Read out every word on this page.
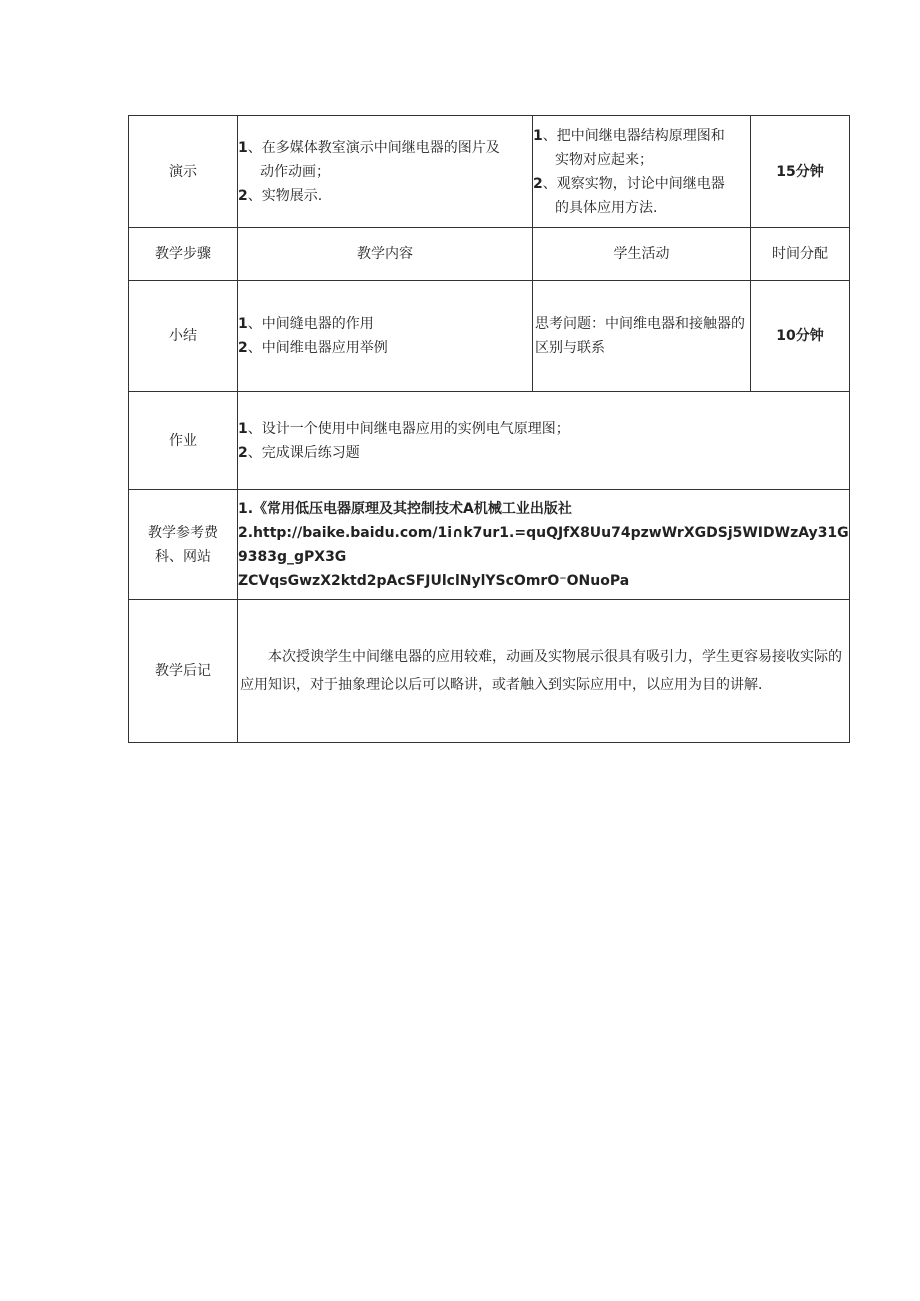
演示	1、在多媒体教室演示中间继电器的图片及
动作动画；
2、实物展示.	1、把中间继电器结构原理图和
实物对应起来；
2、观察实物，讨论中间继电器
的具体应用方法.	15分钟
教学步骤	教学内容	学生活动	时间分配
小结	1、中间缝电器的作用
2、中间维电器应用举例	思考问题：中间维电器和接触器的区别与联系	10分钟
作业	1、设计一个使用中间继电器应用的实例电气原理图；
2、完成课后练习题		

教学参考费
科、网站	1.《常用低压电器原理及其控制技术A机械工业出版社
2.http://baike.baidu.com/1i∩k7ur1.=quQJfX8Uu74pzwWrXGDSj5WIDWzAy31G9383g_gPX3G
ZCVqsGwzX2ktd2pAcSFJUlclNylYScOmrO⁻ONuoPa		

教学后记	本次授谀学生中间继电器的应用较难，动画及实物展示很具有吸引力，学生更容易接收实际的应用知识，对于抽象理论以后可以略讲，或者触入到实际应用中，以应用为目的讲解.		
